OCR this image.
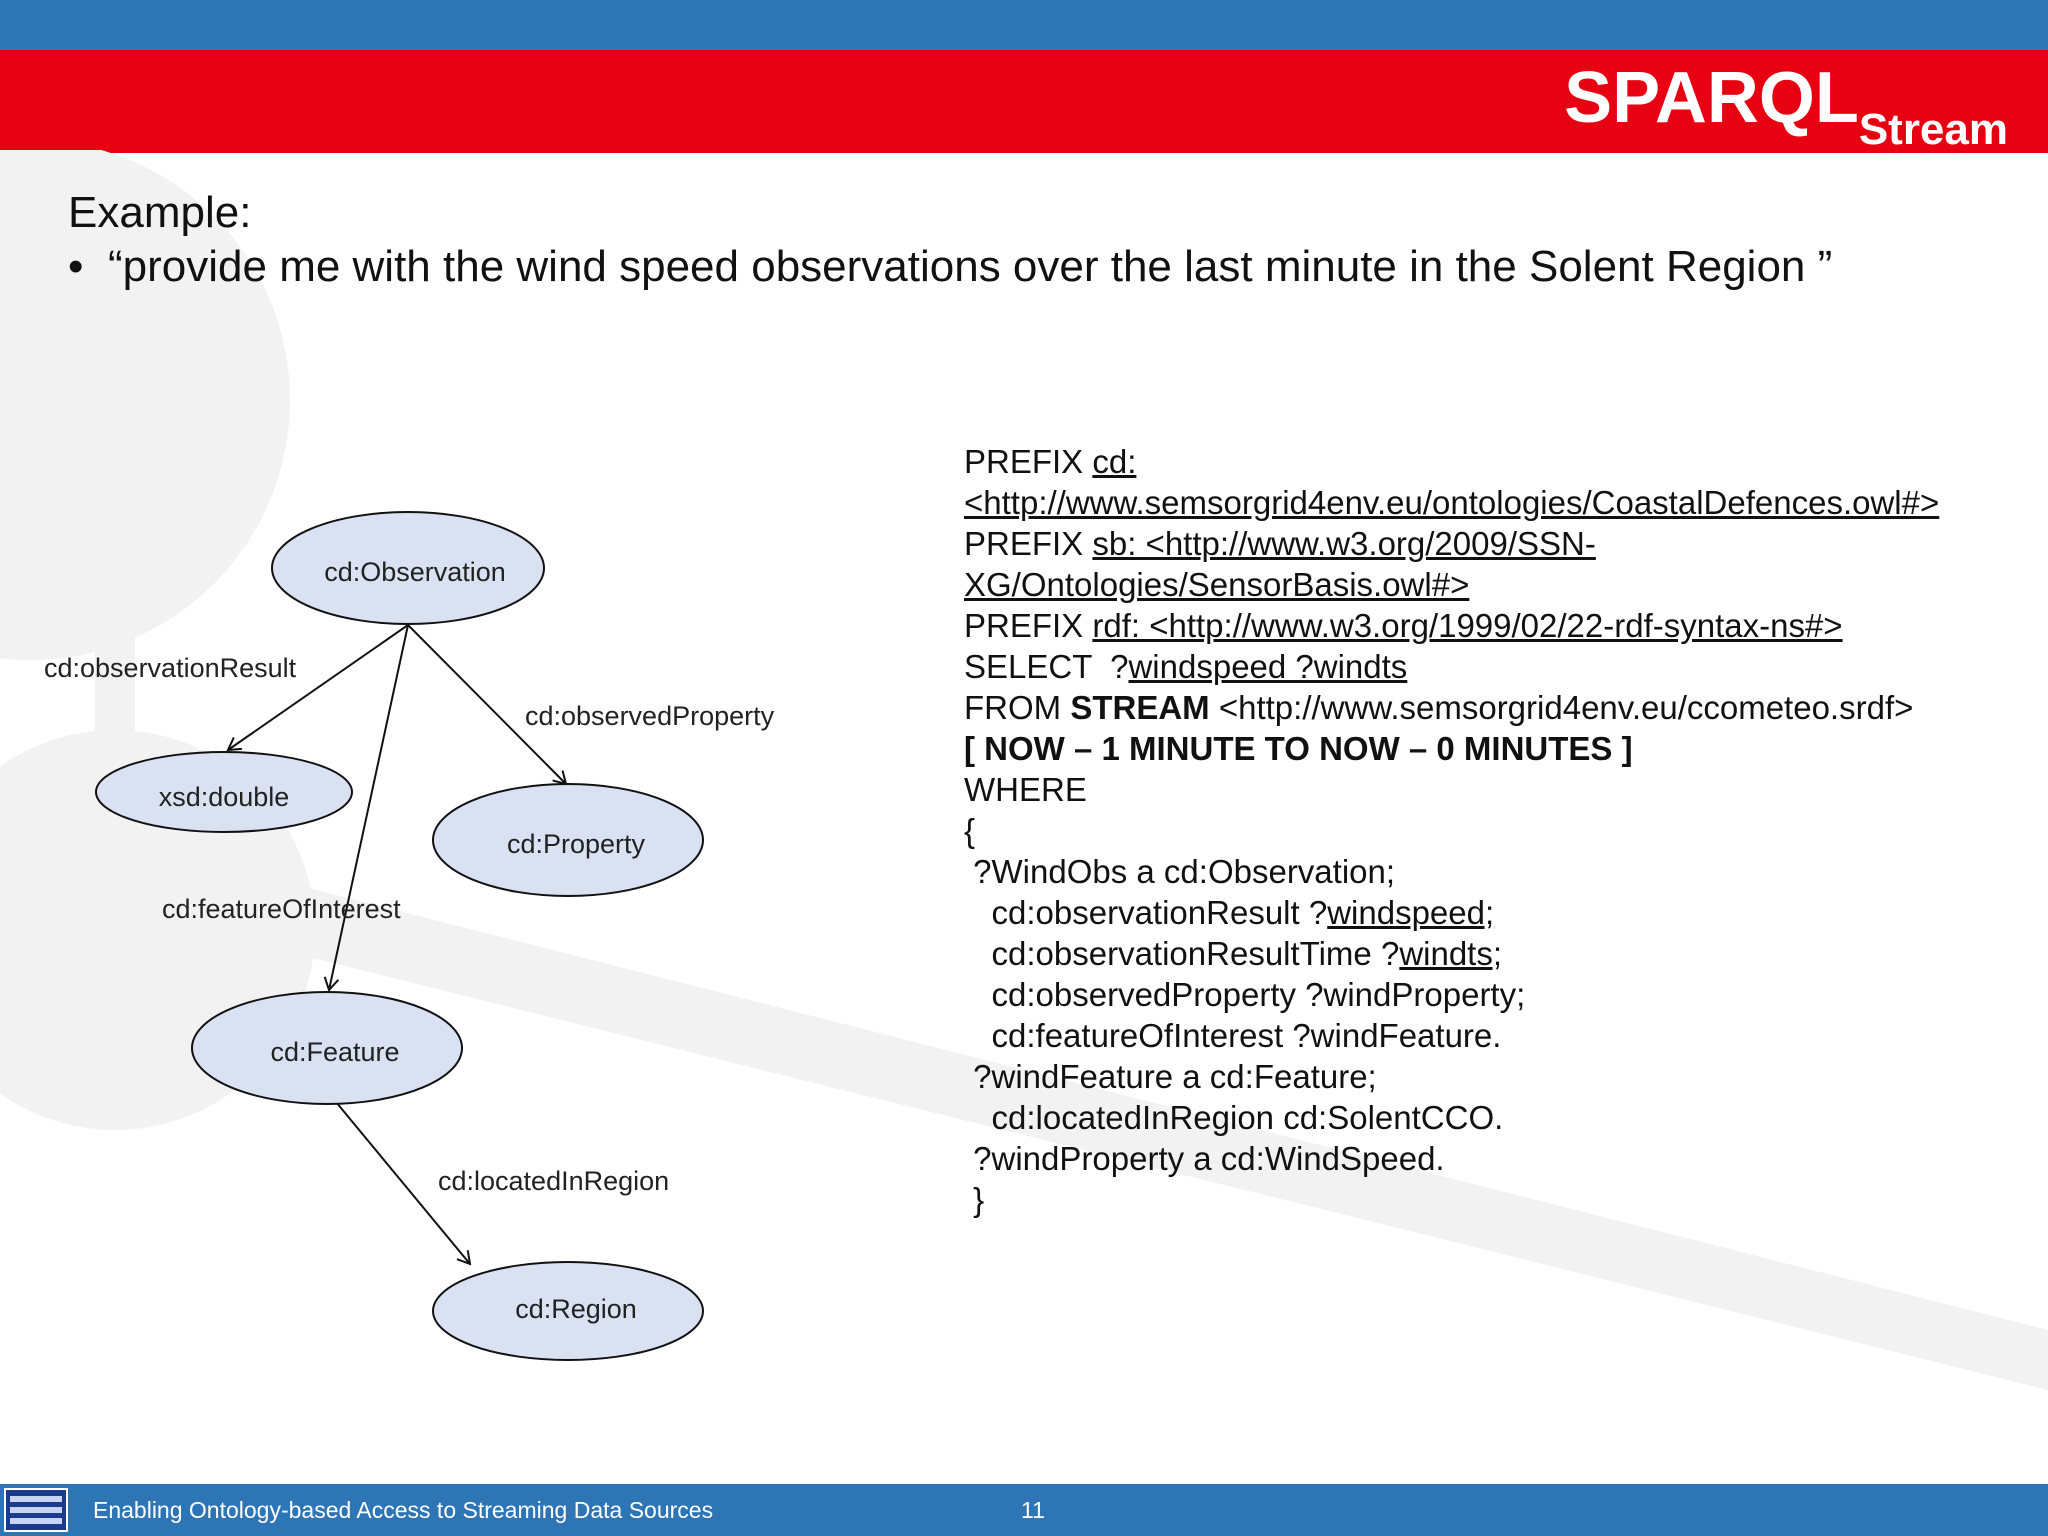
$SPARQL_{Stream}$
Example:
• “provide me with the wind speed observations over the last minute in the Solent Region ”
cd:Observation
xsd:double
cd:Property
cd:Feature
cd:Region
cd:observationResult
cd:observedProperty
cd:featureOfInterest
cd:locatedInRegion
PREFIX cd:
<http://www.semsorgrid4env.eu/ontologies/CoastalDefences.owl#>
PREFIX sb: <http://www.w3.org/2009/SSN-
XG/Ontologies/SensorBasis.owl#>
PREFIX rdf: <http://www.w3.org/1999/02/22-rdf-syntax-ns#>
SELECT  ?windspeed ?windts
FROM STREAM <http://www.semsorgrid4env.eu/ccometeo.srdf>
[ NOW – 1 MINUTE TO NOW – 0 MINUTES ]
WHERE
{
?WindObs a cd:Observation;
cd:observationResult ?windspeed;
cd:observationResultTime ?windts;
cd:observedProperty ?windProperty;
cd:featureOfInterest ?windFeature.
?windFeature a cd:Feature;
cd:locatedInRegion cd:SolentCCO.
?windProperty a cd:WindSpeed.
}
Enabling Ontology-based Access to Streaming Data Sources	11
